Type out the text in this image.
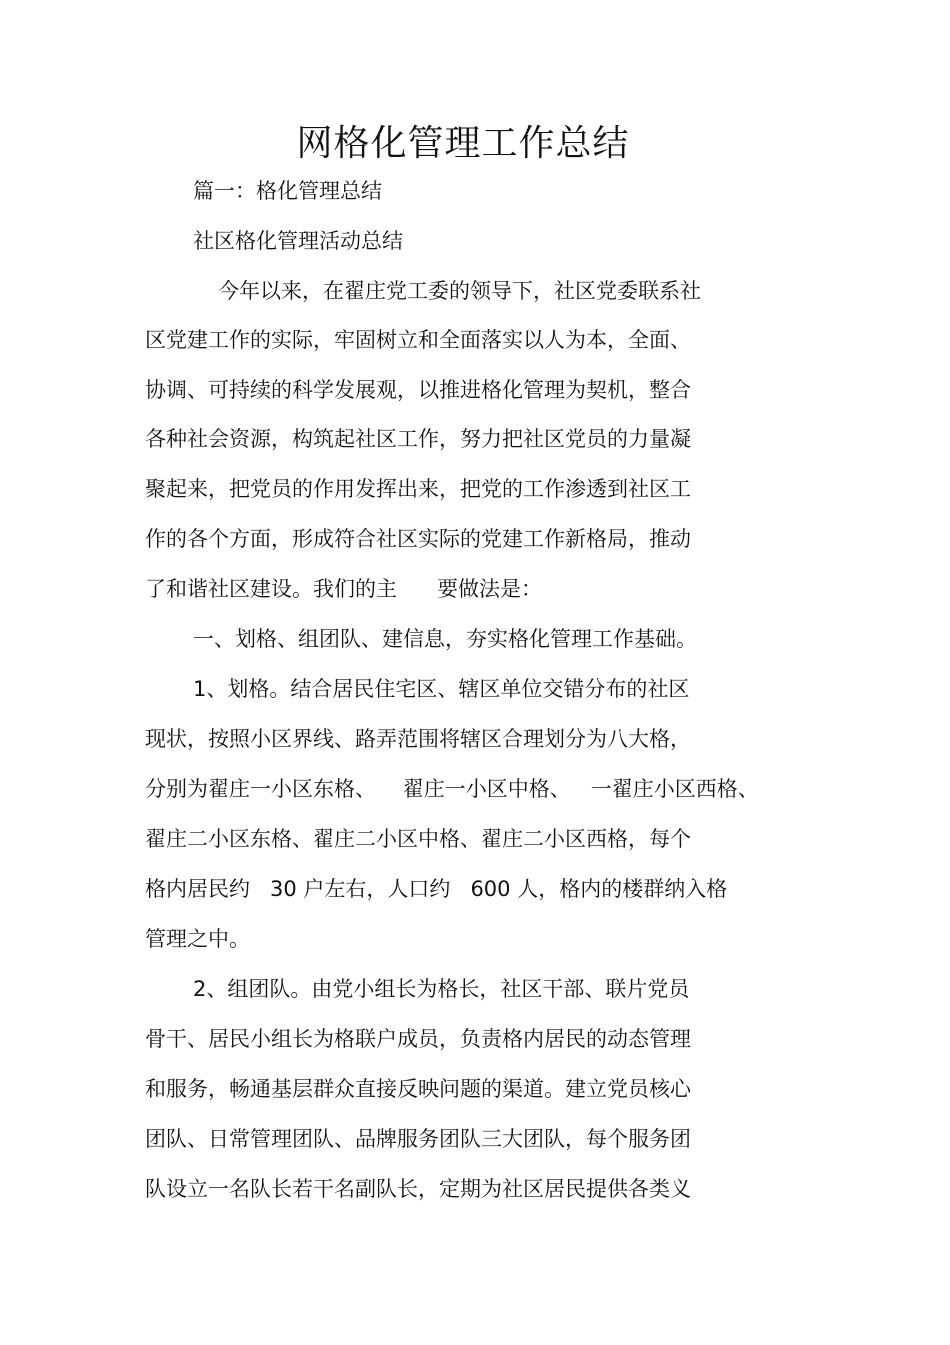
网格化管理工作总结

篇一：格化管理总结

社区格化管理活动总结

今年以来，在翟庄党工委的领导下，社区党委联系社

区党建工作的实际，牢固树立和全面落实以人为本，全面、

协调、可持续的科学发展观，以推进格化管理为契机，整合

各种社会资源，构筑起社区工作，努力把社区党员的力量凝

聚起来，把党员的作用发挥出来，把党的工作渗透到社区工

作的各个方面，形成符合社区实际的党建工作新格局，推动

了和谐社区建设。我们的主      要做法是：

一、划格、组团队、建信息，夯实格化管理工作基础。

1、划格。结合居民住宅区、辖区单位交错分布的社区

现状，按照小区界线、路弄范围将辖区合理划分为八大格，

分别为翟庄一小区东格、    翟庄一小区中格、   一翟庄小区西格、

翟庄二小区东格、翟庄二小区中格、翟庄二小区西格，每个

格内居民约   30 户左右，人口约   600 人，格内的楼群纳入格

管理之中。

2、组团队。由党小组长为格长，社区干部、联片党员

骨干、居民小组长为格联户成员，负责格内居民的动态管理

和服务，畅通基层群众直接反映问题的渠道。建立党员核心

团队、日常管理团队、品牌服务团队三大团队，每个服务团

队设立一名队长若干名副队长，定期为社区居民提供各类义
